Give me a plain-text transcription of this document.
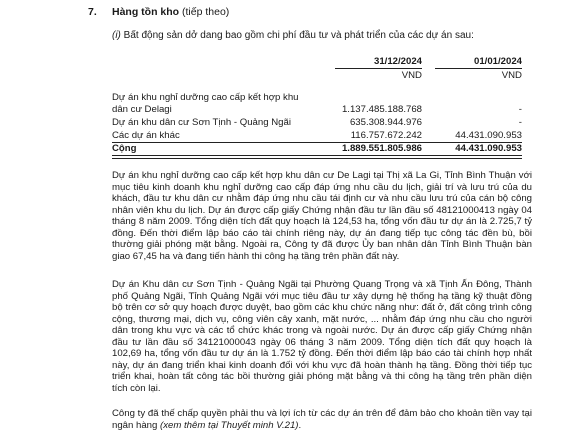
7. Hàng tồn kho (tiếp theo)
(i) Bất động sản dở dang bao gồm chi phí đầu tư và phát triển của các dự án sau:
31/12/2024	01/01/2024
VND	VND
Dự án khu nghỉ dưỡng cao cấp kết hợp khu
dân cư Delagi	1.137.485.188.768	-
Dự án khu dân cư Sơn Tịnh - Quảng Ngãi	635.308.944.976	-
Các dự án khác	116.757.672.242	44.431.090.953
Cộng	1.889.551.805.986	44.431.090.953
Dự án khu nghỉ dưỡng cao cấp kết hợp khu dân cư De Lagi tại Thị xã La Gi, Tỉnh Bình Thuận với mục tiêu kinh doanh khu nghỉ dưỡng cao cấp đáp ứng nhu cầu du lịch, giải trí và lưu trú của du khách, đầu tư khu dân cư nhằm đáp ứng nhu cầu tái định cư và nhu cầu lưu trú của cán bộ công nhân viên khu du lịch. Dự án được cấp giấy Chứng nhận đầu tư lần đầu số 48121000413 ngày 04 tháng 8 năm 2009. Tổng diện tích đất quy hoạch là 124,53 ha, tổng vốn đầu tư dự án là 2.725,7 tỷ đồng. Đến thời điểm lập báo cáo tài chính riêng này, dự án đang tiếp tục công tác đền bù, bồi thường giải phóng mặt bằng. Ngoài ra, Công ty đã được Ủy ban nhân dân Tỉnh Bình Thuận bàn giao 67,45 ha và đang tiến hành thi công hạ tầng trên phần đất này.
Dự án Khu dân cư Sơn Tịnh - Quảng Ngãi tại Phường Quang Trọng và xã Tịnh Ấn Đông, Thành phố Quảng Ngãi, Tỉnh Quảng Ngãi với mục tiêu đầu tư xây dựng hệ thống hạ tầng kỹ thuật đồng bộ trên cơ sở quy hoạch được duyệt, bao gồm các khu chức năng như: đất ở, đất công trình công cộng, thương mại, dịch vụ, công viên cây xanh, mặt nước, ... nhằm đáp ứng nhu cầu cho người dân trong khu vực và các tổ chức khác trong và ngoài nước. Dự án được cấp giấy Chứng nhận đầu tư lần đầu số 34121000043 ngày 06 tháng 3 năm 2009. Tổng diện tích đất quy hoạch là 102,69 ha, tổng vốn đầu tư dự án là 1.752 tỷ đồng. Đến thời điểm lập báo cáo tài chính hợp nhất này, dự án đang triển khai kinh doanh đối với khu vực đã hoàn thành hạ tầng. Đồng thời tiếp tục triển khai, hoàn tất công tác bồi thường giải phóng mặt bằng và thi công hạ tầng trên phần diện tích còn lại.
Công ty đã thế chấp quyền phải thu và lợi ích từ các dự án trên để đảm bảo cho khoản tiền vay tại ngân hàng (xem thêm tại Thuyết minh V.21).
